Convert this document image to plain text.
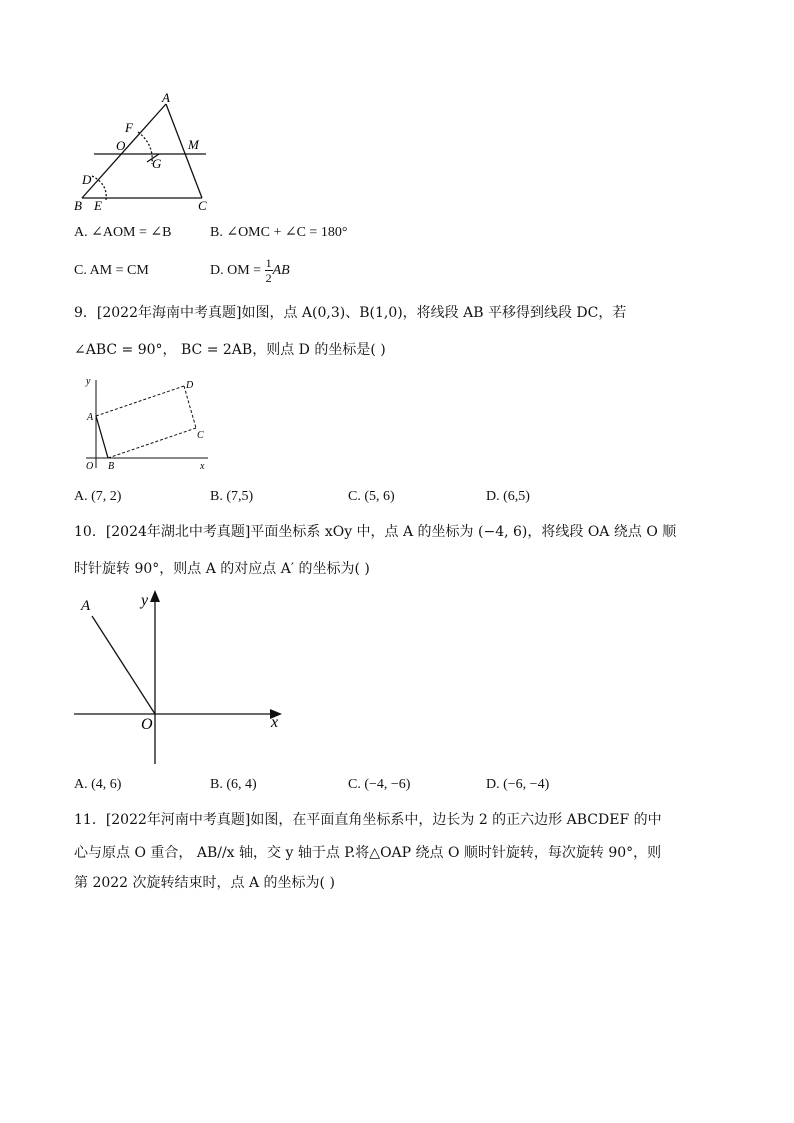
A
F
O	M
G
D
B E	C
A. ∠AOM = ∠B	B. ∠OMC + ∠C = 180°
C. AM = CM	D. OM = $\frac{1}{2}$ AB
9．[2022年海南中考真题]如图，点 A(0,3)、B(1,0)，将线段 AB 平移得到线段 DC，若
∠ABC = 90°， BC = 2AB，则点 D 的坐标是( )
y
A
D
C
O B	x
A. (7, 2)	B. (7,5)	C. (5, 6)	D. (6,5)
10．[2024年湖北中考真题]平面坐标系 xOy 中，点 A 的坐标为 (−4, 6)，将线段 OA 绕点 O 顺
时针旋转 90°，则点 A 的对应点 A′ 的坐标为( )
A	y
O	x
A. (4, 6)	B. (6, 4)	C. (−4, −6)	D. (−6, −4)
11．[2022年河南中考真题]如图，在平面直角坐标系中，边长为 2 的正六边形 ABCDEF 的中
心与原点 O 重合， AB//x 轴，交 y 轴于点 P.将△OAP 绕点 O 顺时针旋转，每次旋转 90°，则
第 2022 次旋转结束时，点 A 的坐标为( )
